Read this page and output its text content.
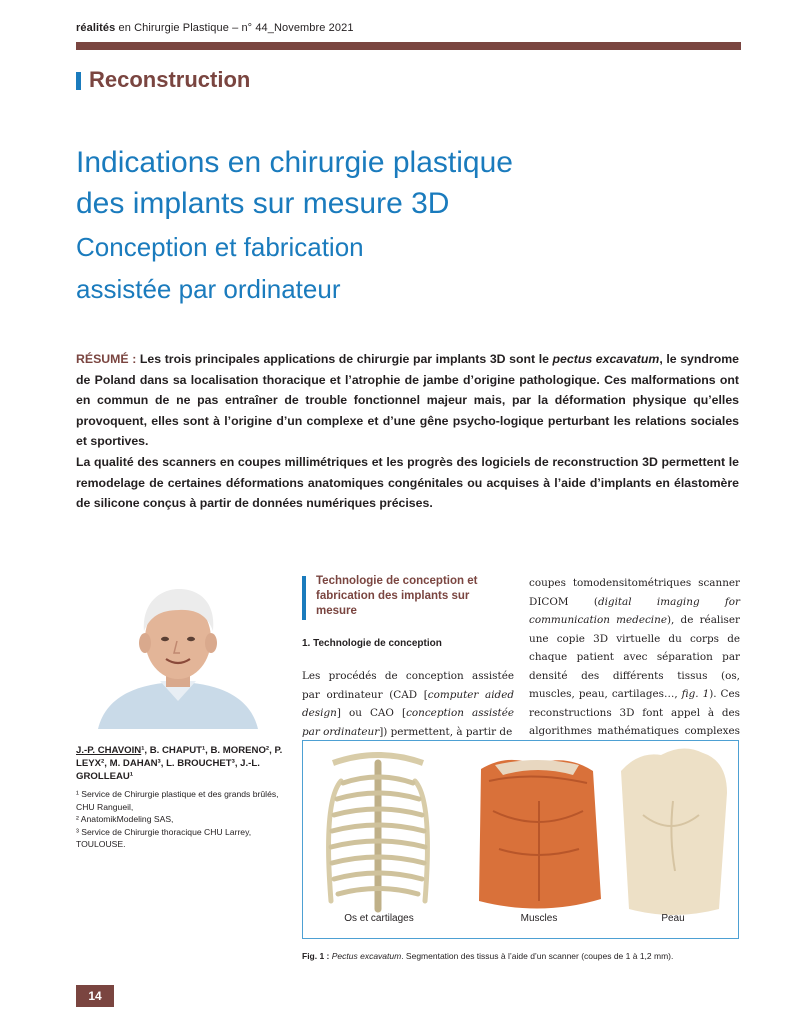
réalités en Chirurgie Plastique – n° 44_Novembre 2021
Reconstruction
Indications en chirurgie plastique
des implants sur mesure 3D
Conception et fabrication
assistée par ordinateur

RÉSUMÉ : Les trois principales applications de chirurgie par implants 3D sont le pectus excavatum, le syndrome de Poland dans sa localisation thoracique et l’atrophie de jambe d’origine pathologique. Ces malformations ont en commun de ne pas entraîner de trouble fonctionnel majeur mais, par la déformation physique qu’elles provoquent, elles sont à l’origine d’un complexe et d’une gêne psycho-logique perturbant les relations sociales et sportives.

La qualité des scanners en coupes millimétriques et les progrès des logiciels de reconstruction 3D permettent le remodelage de certaines déformations anatomiques congénitales ou acquises à l’aide d’implants en élastomère de silicone conçus à partir de données numériques précises.

J.-P. CHAVOIN¹, B. CHAPUT¹, B. MORENO², P. LEYX², M. DAHAN³, L. BROUCHET³, J.-L. GROLLEAU¹
¹ Service de Chirurgie plastique et des grands brûlés, CHU Rangueil,
² AnatomikModeling SAS,
³ Service de Chirurgie thoracique CHU Larrey, TOULOUSE.
Technologie de conception et fabrication des implants sur mesure
1. Technologie de conception
Les procédés de conception assistée par ordinateur (CAD [computer aided design] ou CAO [conception assistée par ordinateur]) permettent, à partir de
coupes tomodensitométriques scanner DICOM (digital imaging for communication medecine), de réaliser une copie 3D virtuelle du corps de chaque patient avec séparation par densité des différents tissus (os, muscles, peau, cartilages…, fig. 1). Ces reconstructions 3D font appel à des algorithmes mathématiques complexes
Os et cartilages	Muscles	Peau
Fig. 1 : Pectus excavatum. Segmentation des tissus à l’aide d’un scanner (coupes de 1 à 1,2 mm).
14
